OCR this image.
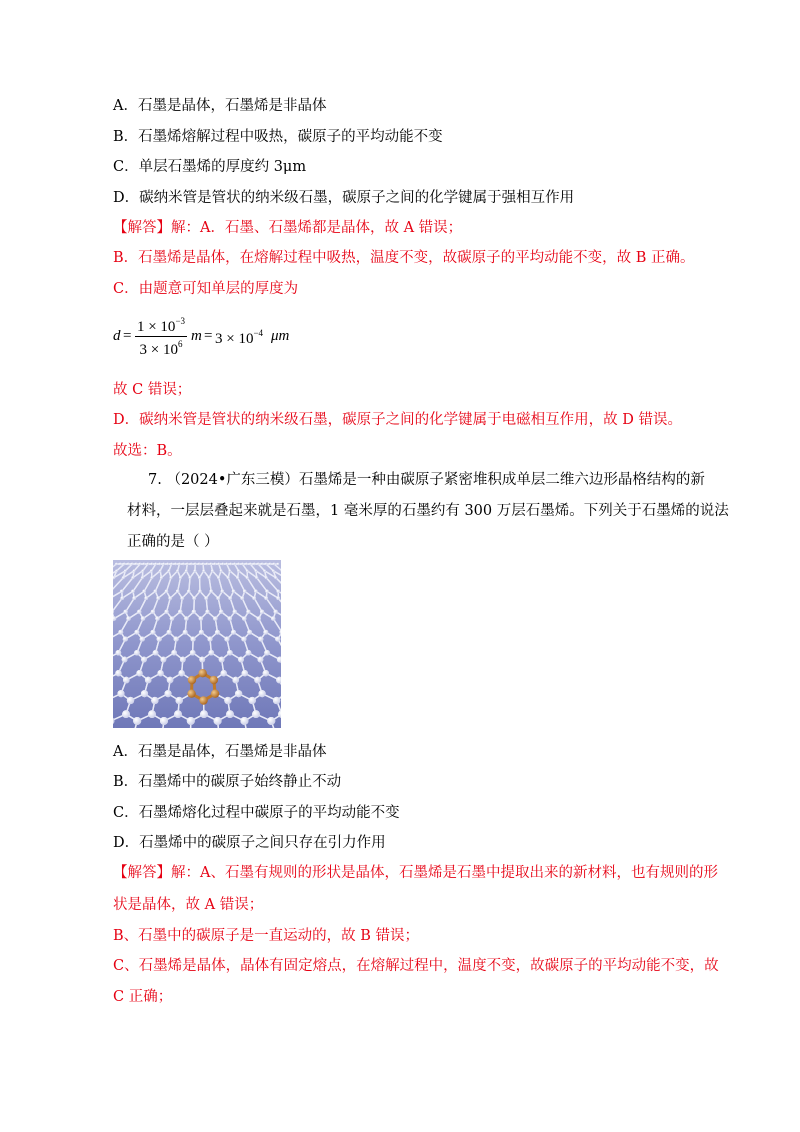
A．石墨是晶体，石墨烯是非晶体
B．石墨烯熔解过程中吸热，碳原子的平均动能不变
C．单层石墨烯的厚度约 3μm
D．碳纳米管是管状的纳米级石墨，碳原子之间的化学键属于强相互作用
【解答】解：A．石墨、石墨烯都是晶体，故 A 错误；
B．石墨烯是晶体，在熔解过程中吸热，温度不变，故碳原子的平均动能不变，故 B 正确。
C．由题意可知单层的厚度为
d =
$1 \times 10^{-3}$
$3 \times 10^6$ $m = 3 \times 10^{-4}$ μm
故 C 错误；
D．碳纳米管是管状的纳米级石墨，碳原子之间的化学键属于电磁相互作用，故 D 错误。
故选：B。
7. （2024•广东三模）石墨烯是一种由碳原子紧密堆积成单层二维六边形晶格结构的新
材料，一层层叠起来就是石墨，1 毫米厚的石墨约有 300 万层石墨烯。下列关于石墨烯的说法
正确的是（ ）
A．石墨是晶体，石墨烯是非晶体
B．石墨烯中的碳原子始终静止不动
C．石墨烯熔化过程中碳原子的平均动能不变
D．石墨烯中的碳原子之间只存在引力作用
【解答】解：A、石墨有规则的形状是晶体，石墨烯是石墨中提取出来的新材料，也有规则的形
状是晶体，故 A 错误；
B、石墨中的碳原子是一直运动的，故 B 错误；
C、石墨烯是晶体，晶体有固定熔点，在熔解过程中，温度不变，故碳原子的平均动能不变，故
C 正确；
